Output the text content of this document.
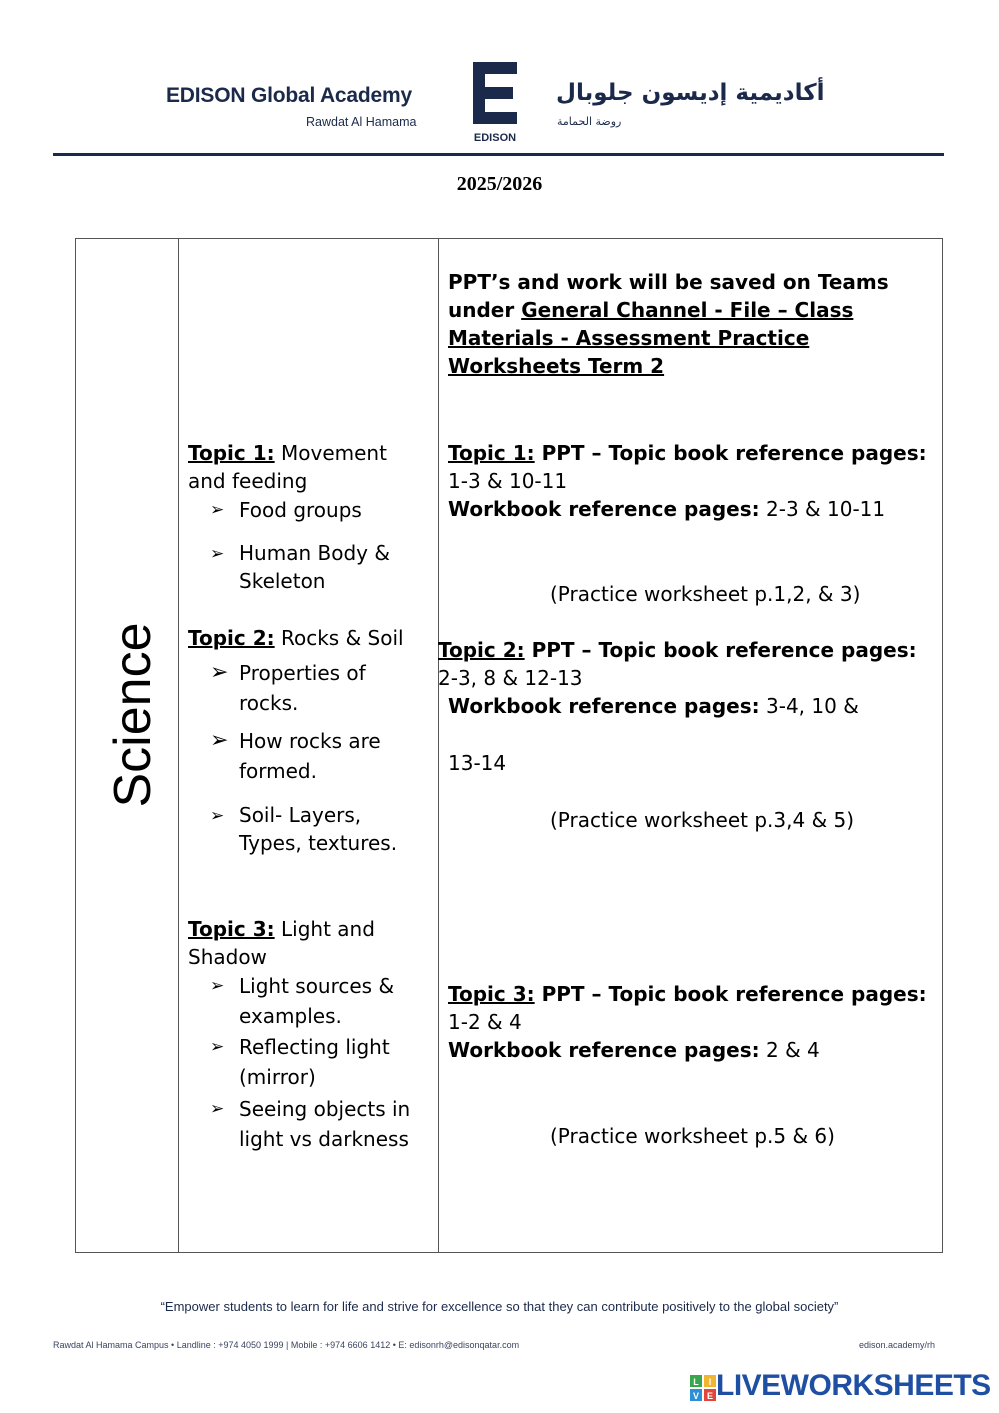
EDISON Global Academy
Rawdat Al Hamama
EDISON
أكاديمية إديسون جلوبال
روضة الحمامة
2025/2026
Science
PPT’s and work will be saved on Teams under General Channel - File – Class Materials - Assessment Practice Worksheets Term 2
Topic 1: Movement and feeding
➢ Food groups
➢ Human Body & Skeleton
Topic 2: Rocks & Soil
➢ Properties of rocks.
➢ How rocks are formed.
➢ Soil- Layers, Types, textures.
Topic 3: Light and Shadow
➢ Light sources & examples.
➢ Reflecting light (mirror)
➢ Seeing objects in light vs darkness
Topic 1: PPT – Topic book reference pages: 1-3 & 10-11
Workbook reference pages: 2-3 & 10-11
(Practice worksheet p.1,2, & 3)
Topic 2: PPT – Topic book reference pages:
2-3, 8 & 12-13
Workbook reference pages: 3-4, 10 &
13-14
(Practice worksheet p.3,4 & 5)
Topic 3: PPT – Topic book reference pages: 1-2 & 4
Workbook reference pages: 2 & 4
(Practice worksheet p.5 & 6)
“Empower students to learn for life and strive for excellence so that they can contribute positively to the global society”
Rawdat Al Hamama Campus • Landline : +974 4050 1999 | Mobile : +974 6606 1412 • E: edisonrh@edisonqatar.com	edison.academy/rh
L I
V E LIVEWORKSHEETS
